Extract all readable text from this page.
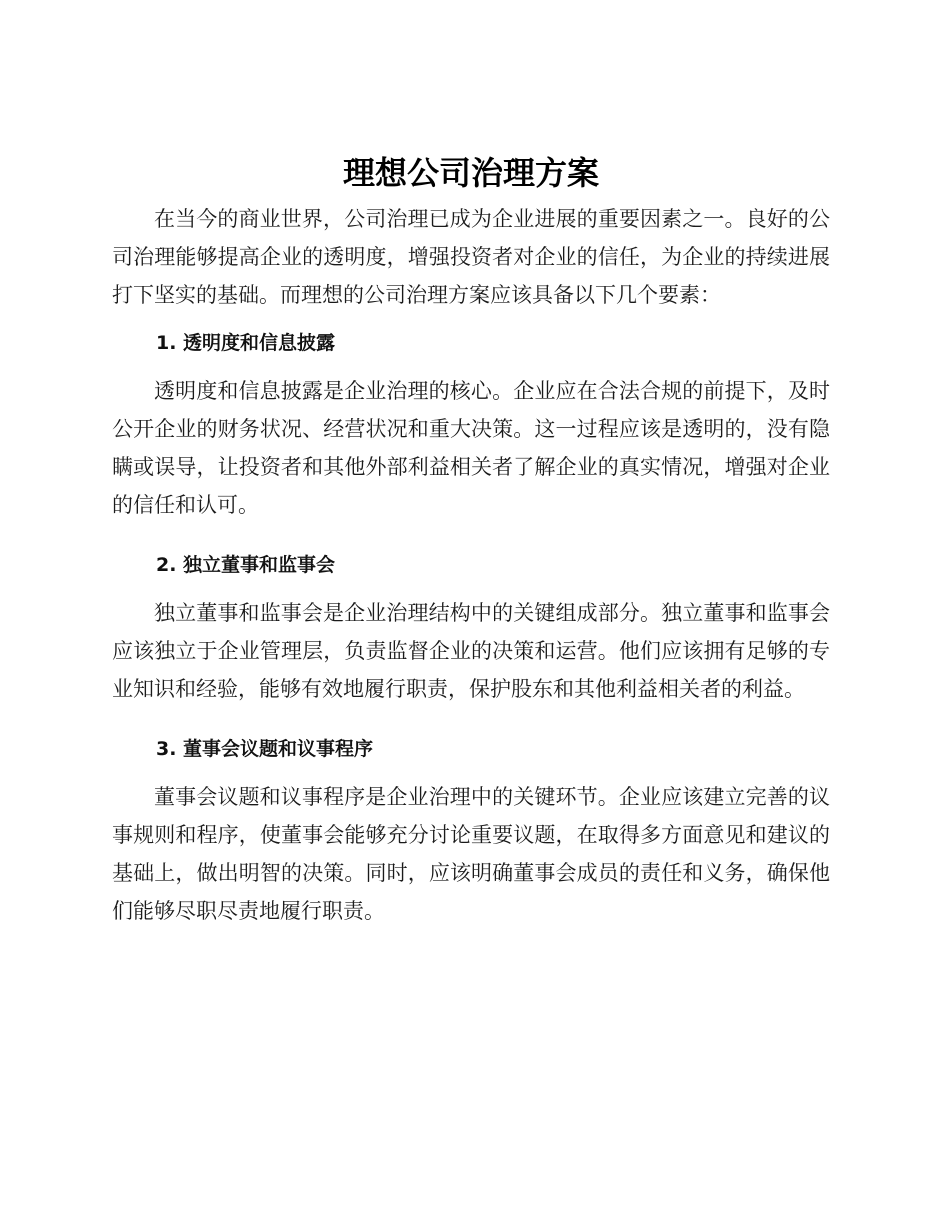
理想公司治理方案

在当今的商业世界，公司治理已成为企业进展的重要因素之一。良好的公司治理能够提高企业的透明度，增强投资者对企业的信任，为企业的持续进展打下坚实的基础。而理想的公司治理方案应该具备以下几个要素：

1. 透明度和信息披露

透明度和信息披露是企业治理的核心。企业应在合法合规的前提下，及时公开企业的财务状况、经营状况和重大决策。这一过程应该是透明的，没有隐瞒或误导，让投资者和其他外部利益相关者了解企业的真实情况，增强对企业的信任和认可。

2. 独立董事和监事会

独立董事和监事会是企业治理结构中的关键组成部分。独立董事和监事会应该独立于企业管理层，负责监督企业的决策和运营。他们应该拥有足够的专业知识和经验，能够有效地履行职责，保护股东和其他利益相关者的利益。

3. 董事会议题和议事程序

董事会议题和议事程序是企业治理中的关键环节。企业应该建立完善的议事规则和程序，使董事会能够充分讨论重要议题，在取得多方面意见和建议的基础上，做出明智的决策。同时，应该明确董事会成员的责任和义务，确保他们能够尽职尽责地履行职责。
